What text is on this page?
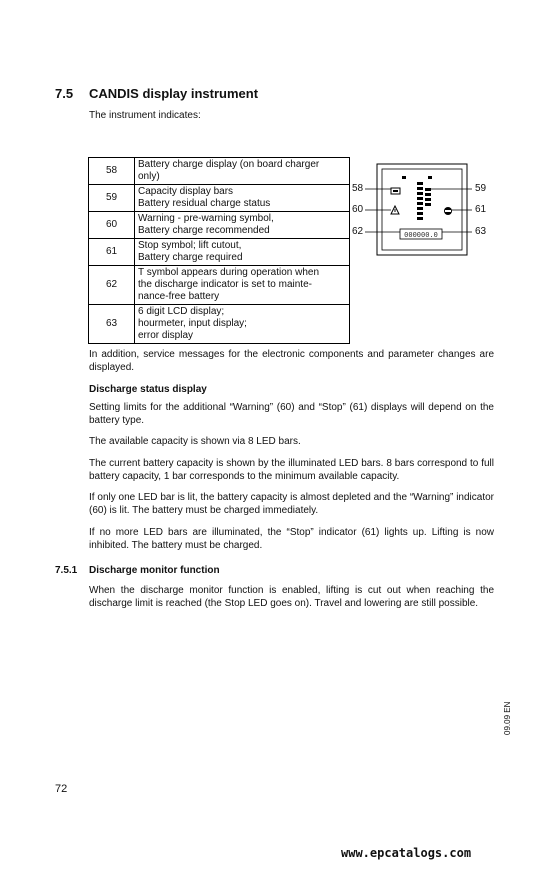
7.5 CANDIS display instrument
The instrument indicates:
58	Battery charge display (on board charger
only)

59	Capacity display bars
Battery residual charge status

60	Warning - pre-warning symbol,
Battery charge recommended

61	Stop symbol; lift cutout,
Battery charge required

62	T symbol appears during operation when
the discharge indicator is set to mainte-
nance-free battery

63	6 digit LCD display;
hourmeter, input display;
error display
000000.0
58
60
62
59
61
63
In addition, service messages for the electronic components and parameter changes are displayed.
Discharge status display
Setting limits for the additional “Warning” (60) and “Stop” (61) displays will depend on the battery type.
The available capacity is shown via 8 LED bars.
The current battery capacity is shown by the illuminated LED bars. 8 bars correspond to full battery capacity, 1 bar corresponds to the minimum available capacity.
If only one LED bar is lit, the battery capacity is almost depleted and the “Warning” indicator (60) is lit. The battery must be charged immediately.
If no more LED bars are illuminated, the “Stop” indicator (61) lights up. Lifting is now inhibited. The battery must be charged.
7.5.1 Discharge monitor function
When the discharge monitor function is enabled, lifting is cut out when reaching the discharge limit is reached (the Stop LED goes on). Travel and lowering are still possible.
09.09 EN
72
www.epcatalogs.com
